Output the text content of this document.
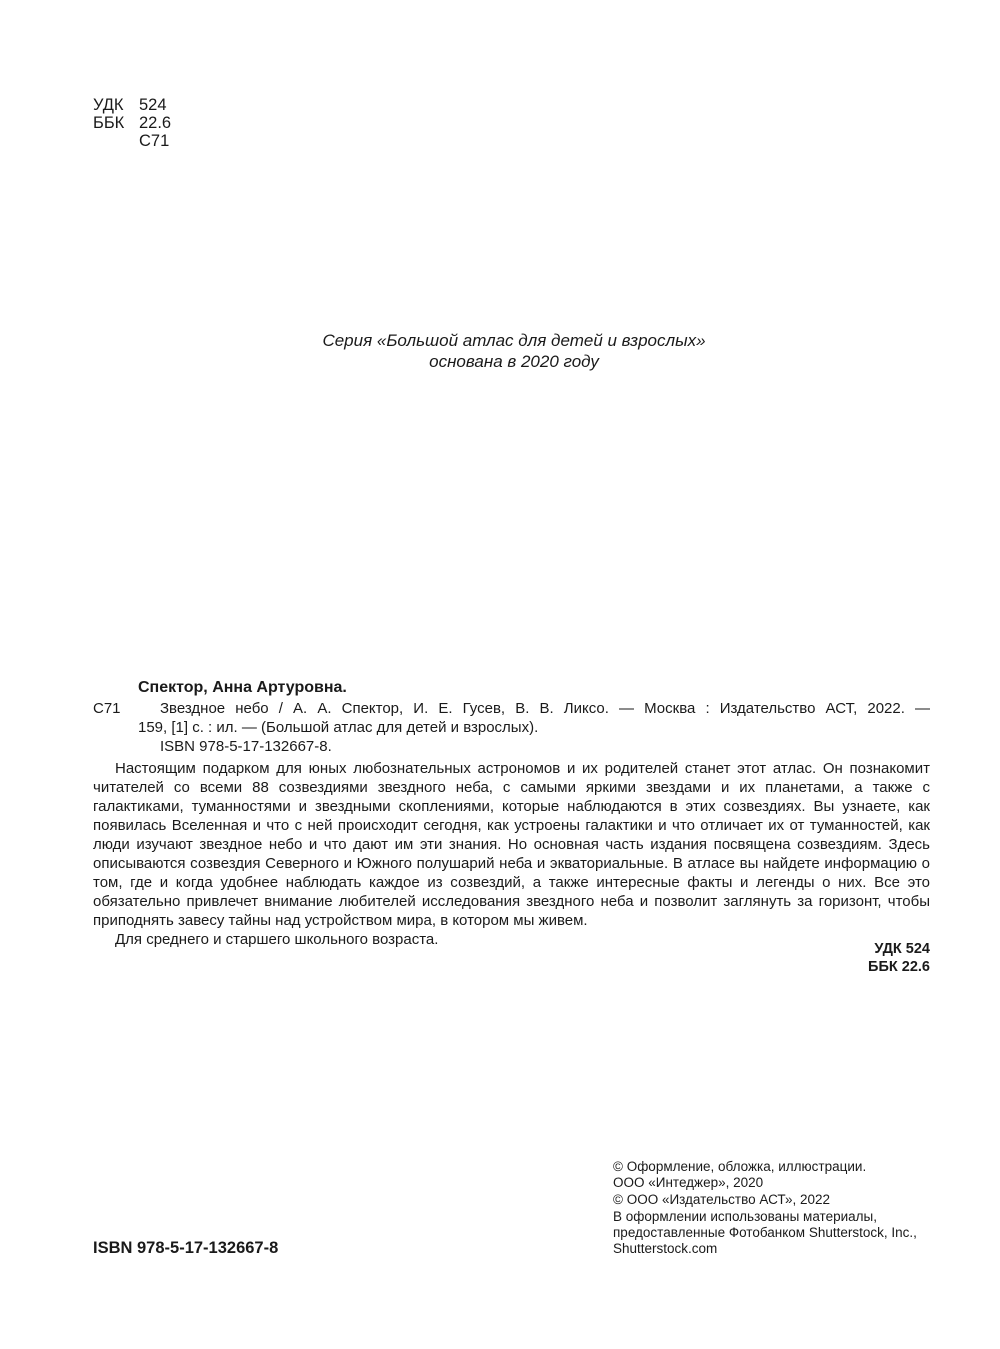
УДК 524
ББК 22.6
С71
Серия «Большой атлас для детей и взрослых»
основана в 2020 году
Спектор, Анна Артуровна.
С71	Звездное небо / А. А. Спектор, И. Е. Гусев, В. В. Ликсо. — Москва : Издательство АСТ, 2022. —
159, [1] с. : ил. — (Большой атлас для детей и взрослых).
ISBN 978-5-17-132667-8.
Настоящим подарком для юных любознательных астрономов и их родителей станет этот атлас. Он познакомит читателей со всеми 88 созвездиями звездного неба, с самыми яркими звездами и их планетами, а также с галактиками, туманностями и звездными скоплениями, которые наблюдаются в этих созвездиях. Вы узнаете, как появилась Вселенная и что с ней происходит сегодня, как устроены галактики и что отличает их от туманностей, как люди изучают звездное небо и что дают им эти знания. Но основная часть издания посвящена созвездиям. Здесь описываются созвездия Северного и Южного полушарий неба и экваториальные. В атласе вы найдете информацию о том, где и когда удобнее наблюдать каждое из созвездий, а также интересные факты и легенды о них. Все это обязательно привлечет внимание любителей исследования звездного неба и позволит заглянуть за горизонт, чтобы приподнять завесу тайны над устройством мира, в котором мы живем.
Для среднего и старшего школьного возраста.
УДК 524
ББК 22.6
© Оформление, обложка, иллюстрации.
ООО «Интеджер», 2020
© ООО «Издательство АСТ», 2022
В оформлении использованы материалы,
предоставленные Фотобанком Shutterstock, Inc.,
Shutterstock.com
ISBN 978-5-17-132667-8
